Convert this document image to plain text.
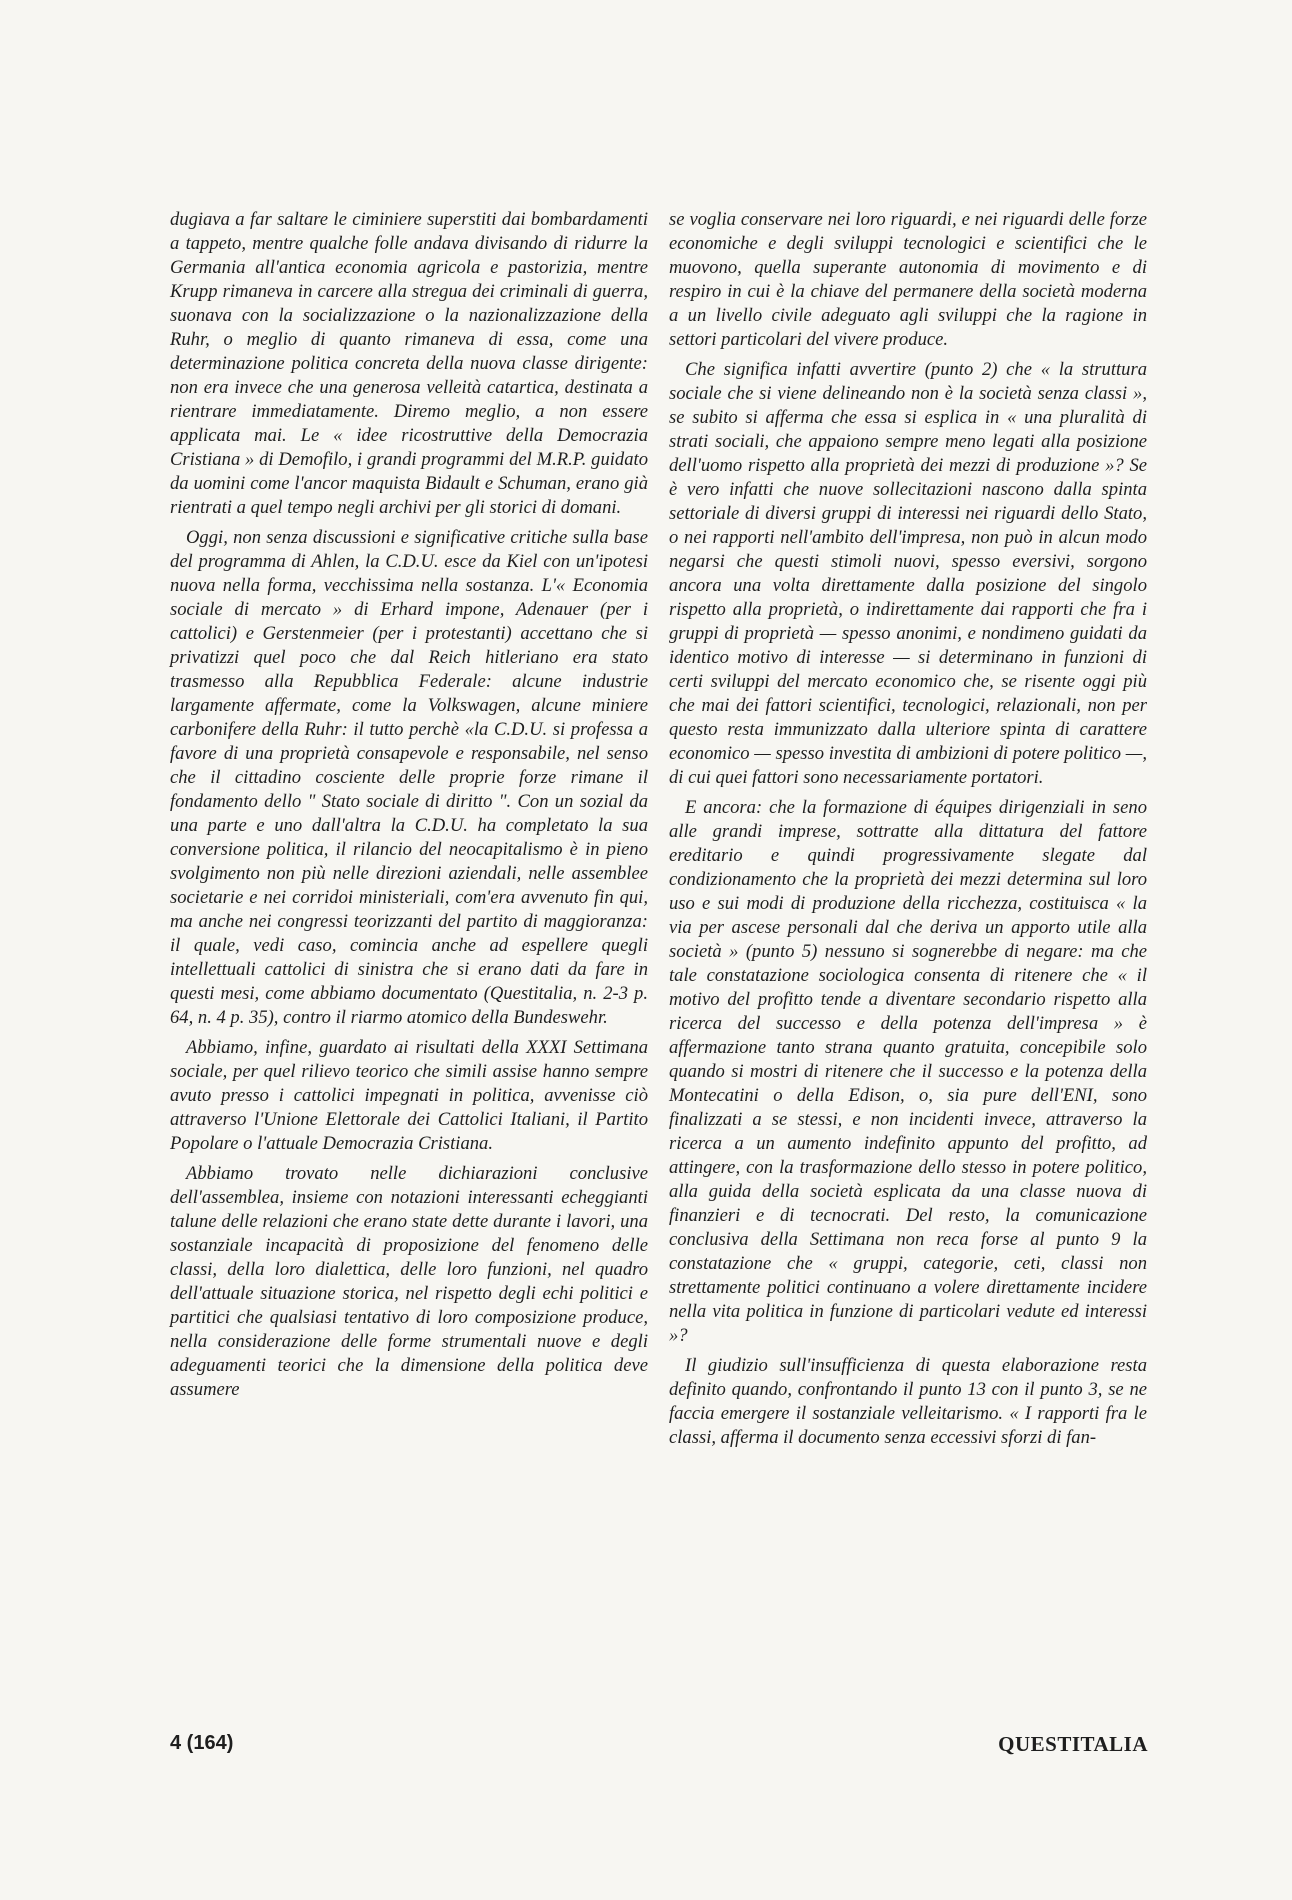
dugiava a far saltare le ciminiere superstiti dai bombardamenti a tappeto, mentre qualche folle andava divisando di ridurre la Germania all'antica economia agricola e pastorizia, mentre Krupp rimaneva in carcere alla stregua dei criminali di guerra, suonava con la socializzazione o la nazionalizzazione della Ruhr, o meglio di quanto rimaneva di essa, come una determinazione politica concreta della nuova classe dirigente: non era invece che una generosa velleità catartica, destinata a rientrare immediatamente. Diremo meglio, a non essere applicata mai. Le « idee ricostruttive della Democrazia Cristiana » di Demofilo, i grandi programmi del M.R.P. guidato da uomini come l'ancor maquista Bidault e Schuman, erano già rientrati a quel tempo negli archivi per gli storici di domani.

Oggi, non senza discussioni e significative critiche sulla base del programma di Ahlen, la C.D.U. esce da Kiel con un'ipotesi nuova nella forma, vecchissima nella sostanza. L'« Economia sociale di mercato » di Erhard impone, Adenauer (per i cattolici) e Gerstenmeier (per i protestanti) accettano che si privatizzi quel poco che dal Reich hitleriano era stato trasmesso alla Repubblica Federale: alcune industrie largamente affermate, come la Volkswagen, alcune miniere carbonifere della Ruhr: il tutto perchè «la C.D.U. si professa a favore di una proprietà consapevole e responsabile, nel senso che il cittadino cosciente delle proprie forze rimane il fondamento dello " Stato sociale di diritto ". Con un sozial da una parte e uno dall'altra la C.D.U. ha completato la sua conversione politica, il rilancio del neocapitalismo è in pieno svolgimento non più nelle direzioni aziendali, nelle assemblee societarie e nei corridoi ministeriali, com'era avvenuto fin qui, ma anche nei congressi teorizzanti del partito di maggioranza: il quale, vedi caso, comincia anche ad espellere quegli intellettuali cattolici di sinistra che si erano dati da fare in questi mesi, come abbiamo documentato (Questitalia, n. 2-3 p. 64, n. 4 p. 35), contro il riarmo atomico della Bundeswehr.

Abbiamo, infine, guardato ai risultati della XXXI Settimana sociale, per quel rilievo teorico che simili assise hanno sempre avuto presso i cattolici impegnati in politica, avvenisse ciò attraverso l'Unione Elettorale dei Cattolici Italiani, il Partito Popolare o l'attuale Democrazia Cristiana.

Abbiamo trovato nelle dichiarazioni conclusive dell'assemblea, insieme con notazioni interessanti echeggianti talune delle relazioni che erano state dette durante i lavori, una sostanziale incapacità di proposizione del fenomeno delle classi, della loro dialettica, delle loro funzioni, nel quadro dell'attuale situazione storica, nel rispetto degli echi politici e partitici che qualsiasi tentativo di loro composizione produce, nella considerazione delle forme strumentali nuove e degli adeguamenti teorici che la dimensione della politica deve assumere

se voglia conservare nei loro riguardi, e nei riguardi delle forze economiche e degli sviluppi tecnologici e scientifici che le muovono, quella superante autonomia di movimento e di respiro in cui è la chiave del permanere della società moderna a un livello civile adeguato agli sviluppi che la ragione in settori particolari del vivere produce.

Che significa infatti avvertire (punto 2) che « la struttura sociale che si viene delineando non è la società senza classi », se subito si afferma che essa si esplica in « una pluralità di strati sociali, che appaiono sempre meno legati alla posizione dell'uomo rispetto alla proprietà dei mezzi di produzione »? Se è vero infatti che nuove sollecitazioni nascono dalla spinta settoriale di diversi gruppi di interessi nei riguardi dello Stato, o nei rapporti nell'ambito dell'impresa, non può in alcun modo negarsi che questi stimoli nuovi, spesso eversivi, sorgono ancora una volta direttamente dalla posizione del singolo rispetto alla proprietà, o indirettamente dai rapporti che fra i gruppi di proprietà — spesso anonimi, e nondimeno guidati da identico motivo di interesse — si determinano in funzioni di certi sviluppi del mercato economico che, se risente oggi più che mai dei fattori scientifici, tecnologici, relazionali, non per questo resta immunizzato dalla ulteriore spinta di carattere economico — spesso investita di ambizioni di potere politico —, di cui quei fattori sono necessariamente portatori.

E ancora: che la formazione di équipes dirigenziali in seno alle grandi imprese, sottratte alla dittatura del fattore ereditario e quindi progressivamente slegate dal condizionamento che la proprietà dei mezzi determina sul loro uso e sui modi di produzione della ricchezza, costituisca « la via per ascese personali dal che deriva un apporto utile alla società » (punto 5) nessuno si sognerebbe di negare: ma che tale constatazione sociologica consenta di ritenere che « il motivo del profitto tende a diventare secondario rispetto alla ricerca del successo e della potenza dell'impresa » è affermazione tanto strana quanto gratuita, concepibile solo quando si mostri di ritenere che il successo e la potenza della Montecatini o della Edison, o, sia pure dell'ENI, sono finalizzati a se stessi, e non incidenti invece, attraverso la ricerca a un aumento indefinito appunto del profitto, ad attingere, con la trasformazione dello stesso in potere politico, alla guida della società esplicata da una classe nuova di finanzieri e di tecnocrati. Del resto, la comunicazione conclusiva della Settimana non reca forse al punto 9 la constatazione che « gruppi, categorie, ceti, classi non strettamente politici continuano a volere direttamente incidere nella vita politica in funzione di particolari vedute ed interessi »?

Il giudizio sull'insufficienza di questa elaborazione resta definito quando, confrontando il punto 13 con il punto 3, se ne faccia emergere il sostanziale velleitarismo. « I rapporti fra le classi, afferma il documento senza eccessivi sforzi di fan-

4 (164)	QUESTITALIA
